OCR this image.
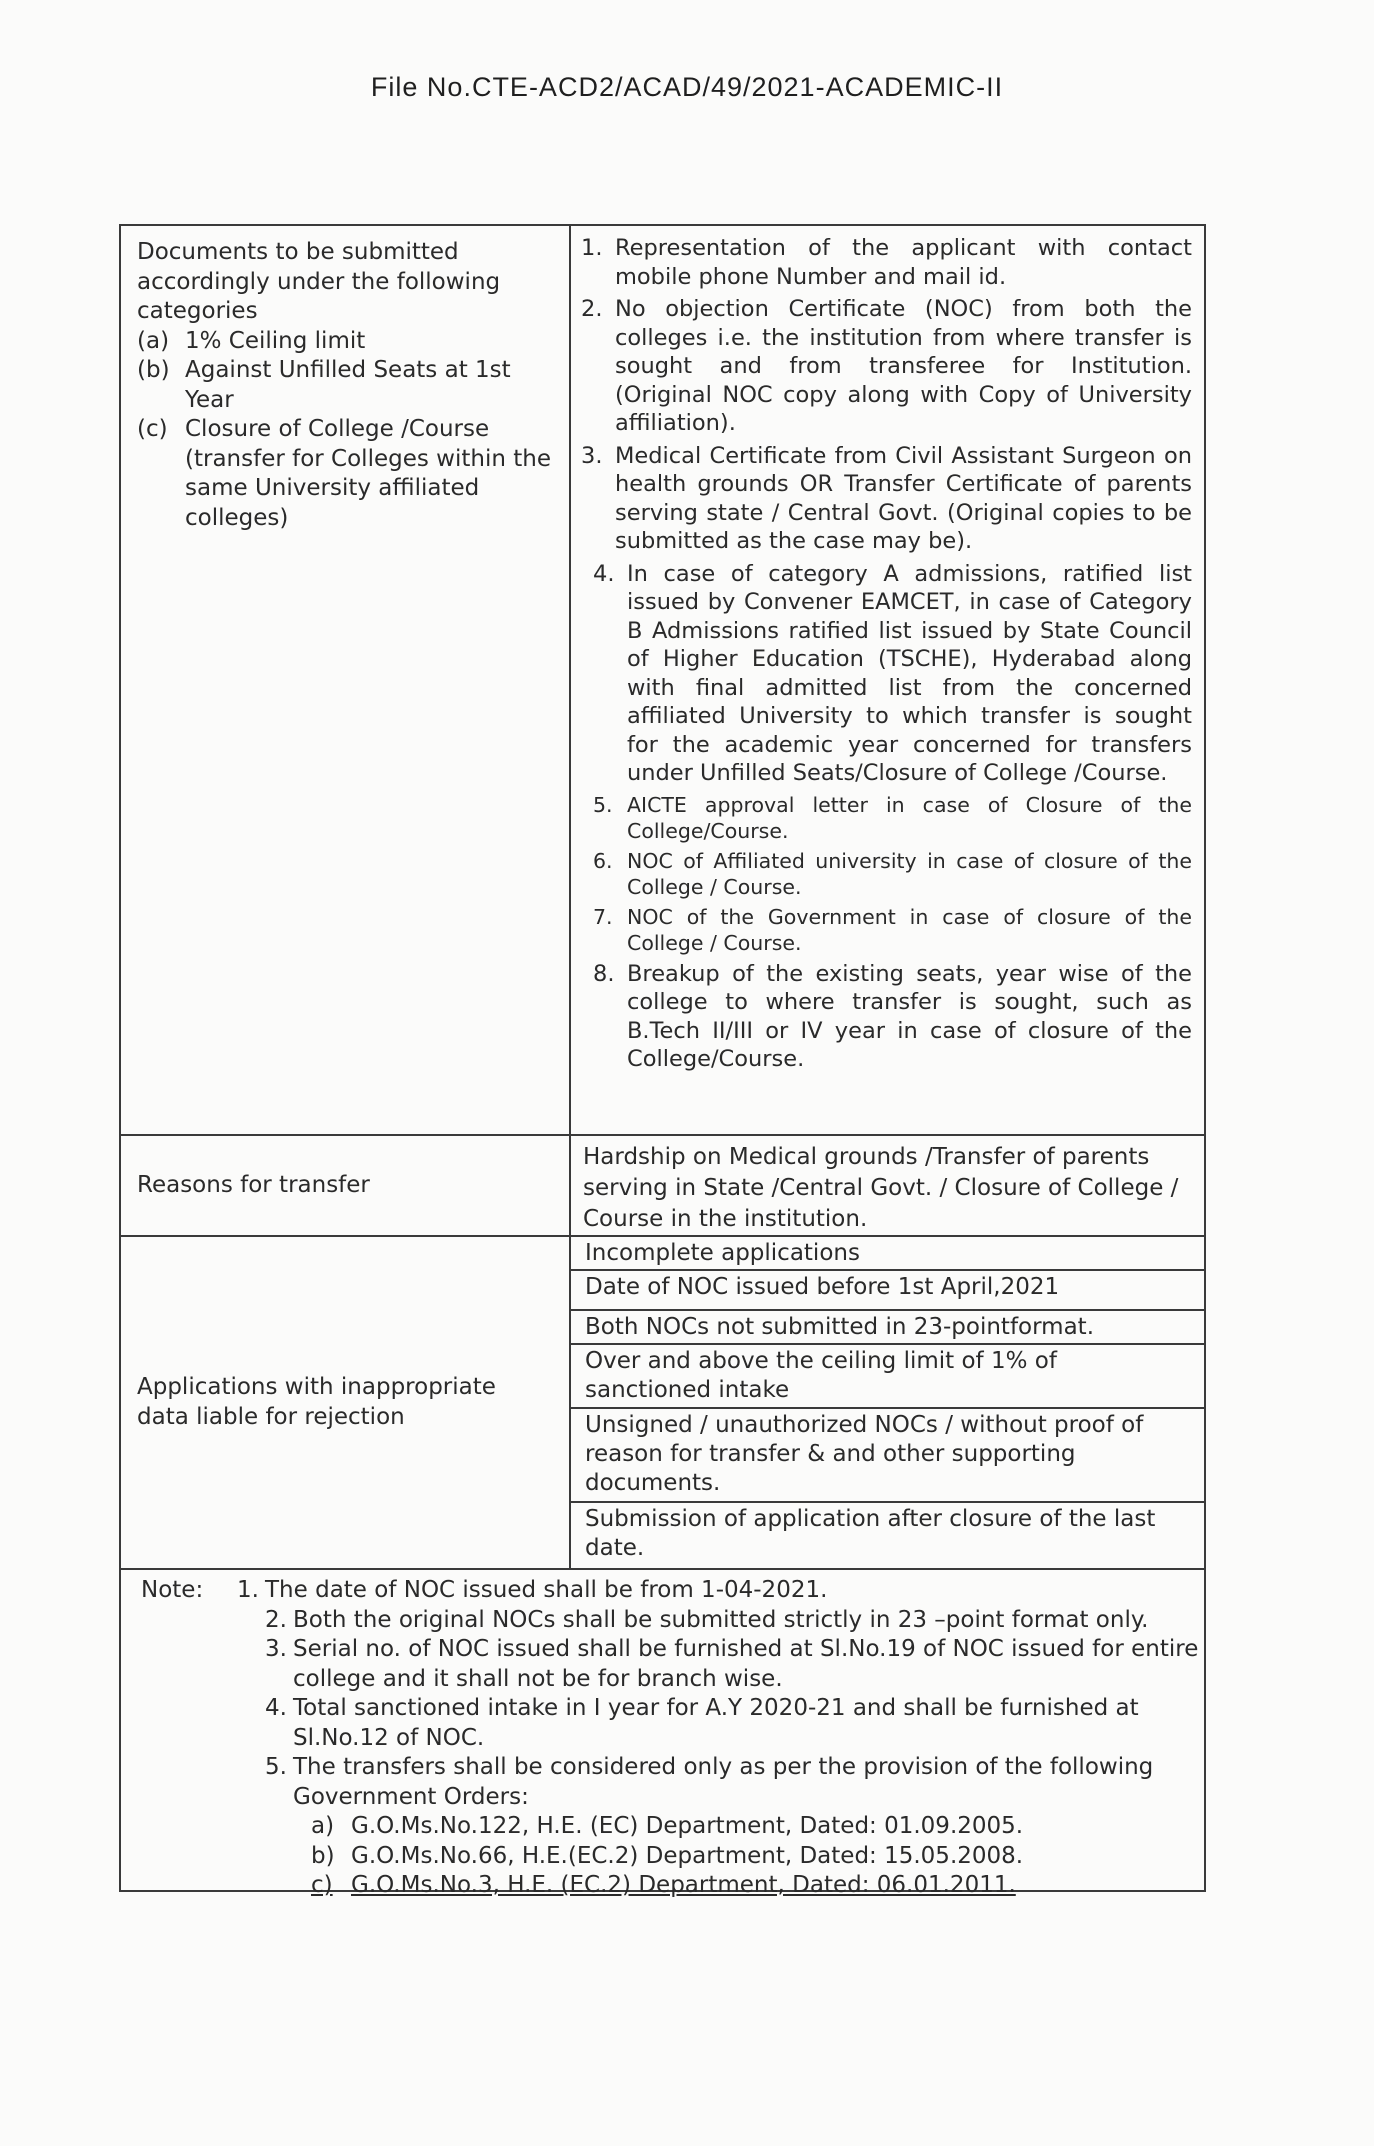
File No.CTE-ACD2/ACAD/49/2021-ACADEMIC-II
Documents to be submitted accordingly under the following categories
(a) 1% Ceiling limit
(b) Against Unfilled Seats at 1st Year
(c) Closure of College /Course (transfer for Colleges within the same University affiliated colleges)
1. Representation of the applicant with contact mobile phone Number and mail id.
2. No objection Certificate (NOC) from both the colleges i.e. the institution from where transfer is sought and from transferee for Institution. (Original NOC copy along with Copy of University affiliation).
3. Medical Certificate from Civil Assistant Surgeon on health grounds OR Transfer Certificate of parents serving state / Central Govt. (Original copies to be submitted as the case may be).
4. In case of category A admissions, ratified list issued by Convener EAMCET, in case of Category B Admissions ratified list issued by State Council of Higher Education (TSCHE), Hyderabad along with final admitted list from the concerned affiliated University to which transfer is sought for the academic year concerned for transfers under Unfilled Seats/Closure of College /Course.
5. AICTE approval letter in case of Closure of the College/Course.
6. NOC of Affiliated university in case of closure of the College / Course.
7. NOC of the Government in case of closure of the College / Course.
8. Breakup of the existing seats, year wise of the college to where transfer is sought, such as B.Tech II/III or IV year in case of closure of the College/Course.
Reasons for transfer
Hardship on Medical grounds /Transfer of parents serving in State /Central Govt. / Closure of College / Course in the institution.
Applications with inappropriate data liable for rejection
Incomplete applications
Date of NOC issued before 1st April,2021
Both NOCs not submitted in 23-pointformat.
Over and above the ceiling limit of 1% of sanctioned intake
Unsigned / unauthorized NOCs / without proof of reason for transfer & and other supporting documents.
Submission of application after closure of the last date.
Note:	1. The date of NOC issued shall be from 1-04-2021.
2. Both the original NOCs shall be submitted strictly in 23 –point format only.
3. Serial no. of NOC issued shall be furnished at Sl.No.19 of NOC issued for entire college and it shall not be for branch wise.
4. Total sanctioned intake in I year for A.Y 2020-21 and shall be furnished at Sl.No.12 of NOC.
5. The transfers shall be considered only as per the provision of the following Government Orders:
a) G.O.Ms.No.122, H.E. (EC) Department, Dated: 01.09.2005.
b) G.O.Ms.No.66, H.E.(EC.2) Department, Dated: 15.05.2008.
c) G.O.Ms.No.3, H.E. (EC.2) Department, Dated: 06.01.2011.
